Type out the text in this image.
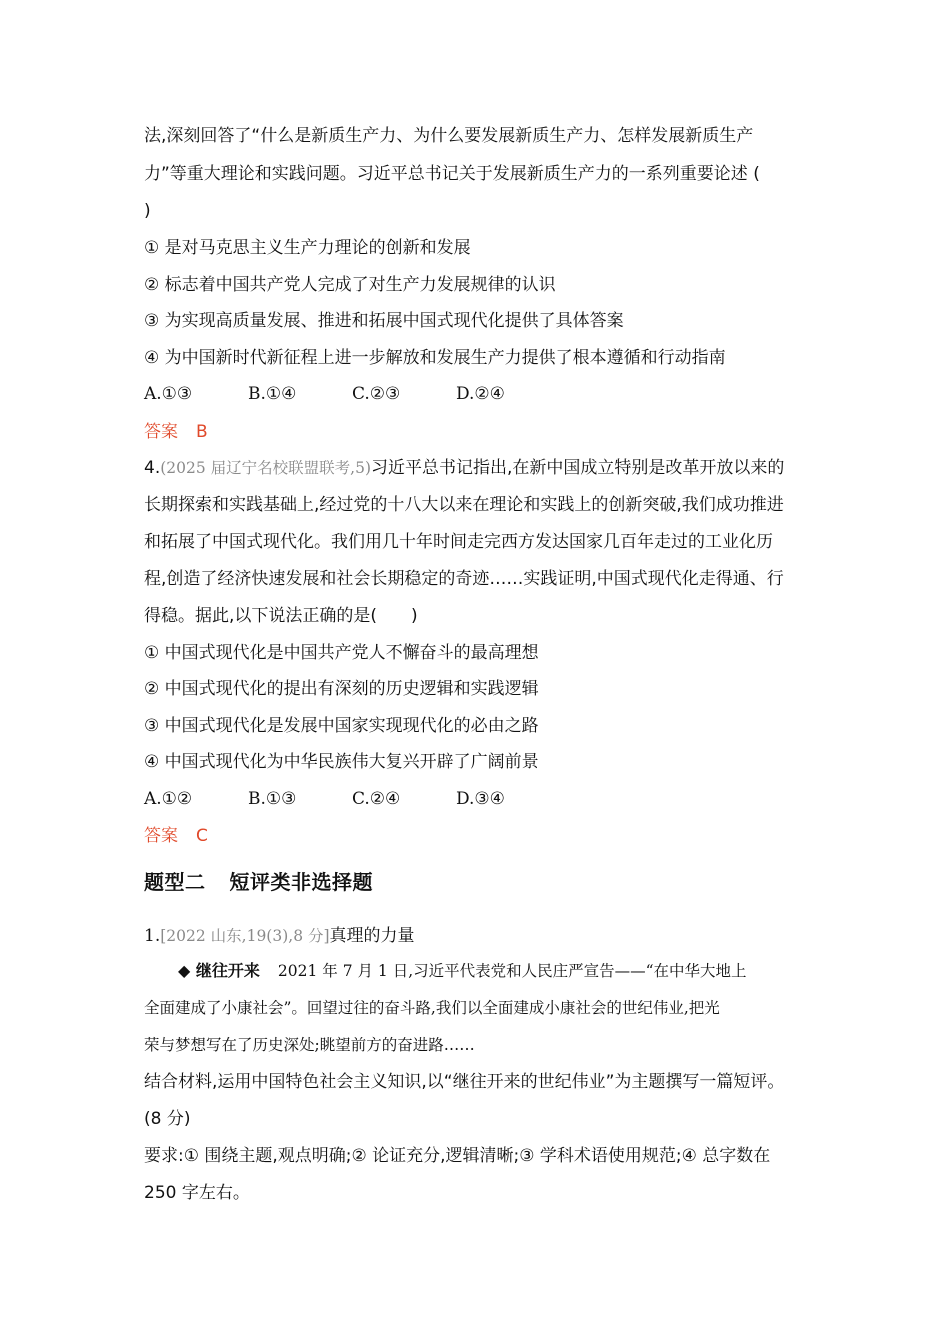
法,深刻回答了“什么是新质生产力、为什么要发展新质生产力、怎样发展新质生产
力”等重大理论和实践问题。习近平总书记关于发展新质生产力的一系列重要论述 (
)
① 是对马克思主义生产力理论的创新和发展
② 标志着中国共产党人完成了对生产力发展规律的认识
③ 为实现高质量发展、推进和拓展中国式现代化提供了具体答案
④ 为中国新时代新征程上进一步解放和发展生产力提供了根本遵循和行动指南
A.①③	B.①④	C.②③	D.②④
答案 B
4.(2025 届辽宁名校联盟联考,5)习近平总书记指出,在新中国成立特别是改革开放以来的
长期探索和实践基础上,经过党的十八大以来在理论和实践上的创新突破,我们成功推进
和拓展了中国式现代化。我们用几十年时间走完西方发达国家几百年走过的工业化历
程,创造了经济快速发展和社会长期稳定的奇迹……实践证明,中国式现代化走得通、行
得稳。据此,以下说法正确的是(　　)
① 中国式现代化是中国共产党人不懈奋斗的最高理想
② 中国式现代化的提出有深刻的历史逻辑和实践逻辑
③ 中国式现代化是发展中国家实现现代化的必由之路
④ 中国式现代化为中华民族伟大复兴开辟了广阔前景
A.①②	B.①③	C.②④	D.③④
答案 C
题型二 短评类非选择题
1.[2022 山东,19(3),8 分]真理的力量
◆ 继往开来 2021 年 7 月 1 日,习近平代表党和人民庄严宣告——“在中华大地上
全面建成了小康社会”。回望过往的奋斗路,我们以全面建成小康社会的世纪伟业,把光
荣与梦想写在了历史深处;眺望前方的奋进路……
结合材料,运用中国特色社会主义知识,以“继往开来的世纪伟业”为主题撰写一篇短评。
(8 分)
要求:① 围绕主题,观点明确;② 论证充分,逻辑清晰;③ 学科术语使用规范;④ 总字数在
250 字左右。
